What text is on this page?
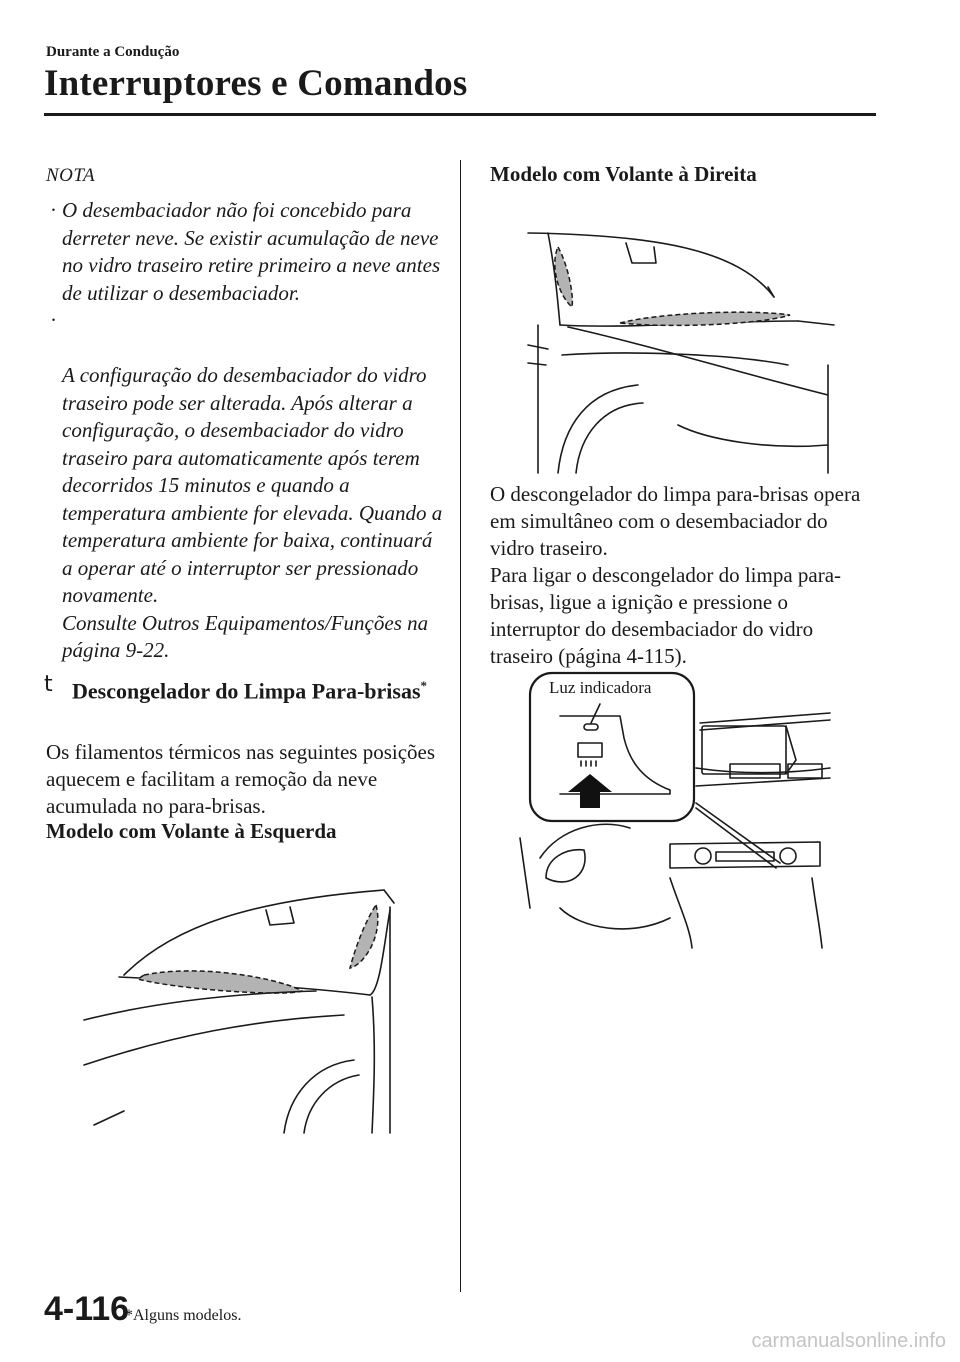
Durante a Condução
Interruptores e Comandos
NOTA
· O desembaciador não foi concebido para derreter neve. Se existir acumulação de neve no vidro traseiro retire primeiro a neve antes de utilizar o desembaciador.

·

A configuração do desembaciador do vidro traseiro pode ser alterada. Após alterar a configuração, o desembaciador do vidro traseiro para automaticamente após terem decorridos 15 minutos e quando a temperatura ambiente for elevada. Quando a temperatura ambiente for baixa, continuará a operar até o interruptor ser pressionado novamente.
Consulte Outros Equipamentos/Funções na página 9-22.

t Descongelador do Limpa Para-brisas*
Os filamentos térmicos nas seguintes posições aquecem e facilitam a remoção da neve acumulada no para-brisas.
Modelo com Volante à Esquerda
Modelo com Volante à Direita
O descongelador do limpa para-brisas opera em simultâneo com o desembaciador do vidro traseiro.
Para ligar o descongelador do limpa para-brisas, ligue a ignição e pressione o interruptor do desembaciador do vidro traseiro (página 4-115).
Luz indicadora
4-116
*Alguns modelos.
carmanualsonline.info
